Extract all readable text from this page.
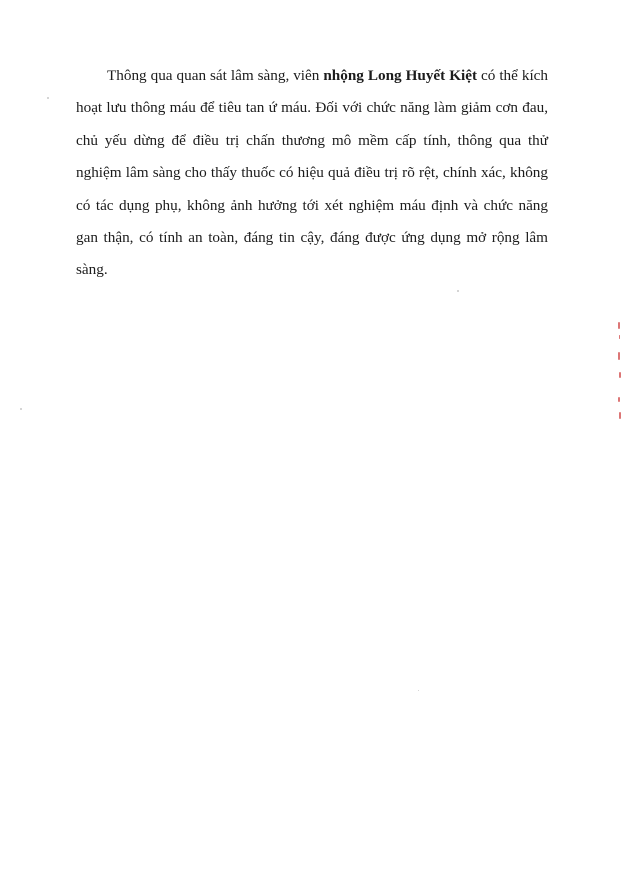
Thông qua quan sát lâm sàng, viên nhộng Long Huyết Kiệt có thể kích hoạt lưu thông máu để tiêu tan ứ máu. Đối với chức năng làm giảm cơn đau, chủ yếu dừng để điều trị chấn thương mô mềm cấp tính, thông qua thử nghiệm lâm sàng cho thấy thuốc có hiệu quả điều trị rõ rệt, chính xác, không có tác dụng phụ, không ảnh hưởng tới xét nghiệm máu định và chức năng gan thận, có tính an toàn, đáng tin cậy, đáng được ứng dụng mở rộng lâm sàng.
